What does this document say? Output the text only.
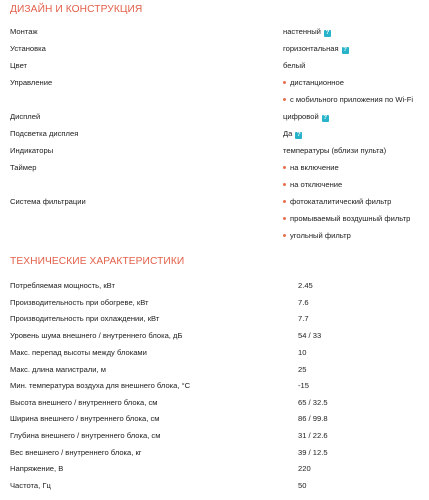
ДИЗАЙН И КОНСТРУКЦИЯ
Монтаж	настенный ?
Установка	горизонтальная ?
Цвет	белый
Управление	дистанционное
с мобильного приложения по Wi-Fi
Дисплей	цифровой ?
Подсветка дисплея	Да ?
Индикаторы	температуры (вблизи пульта)
Таймер	на включение
на отключение
Система фильтрации	фотокаталитический фильтр
промываемый воздушный фильтр
угольный фильтр
ТЕХНИЧЕСКИЕ ХАРАКТЕРИСТИКИ
Потребляемая мощность, кВт	2.45
Производительность при обогреве, кВт	7.6
Производительность при охлаждении, кВт	7.7
Уровень шума внешнего / внутреннего блока, дБ	54 / 33
Макс. перепад высоты между блоками	10
Макс. длина магистрали, м	25
Мин. температура воздуха для внешнего блока, °С	-15
Высота внешнего / внутреннего блока, см	65 / 32.5
Ширина внешнего / внутреннего блока, см	86 / 99.8
Глубина внешнего / внутреннего блока, см	31 / 22.6
Вес внешнего / внутреннего блока, кг	39 / 12.5
Напряжение, В	220
Частота, Гц	50
